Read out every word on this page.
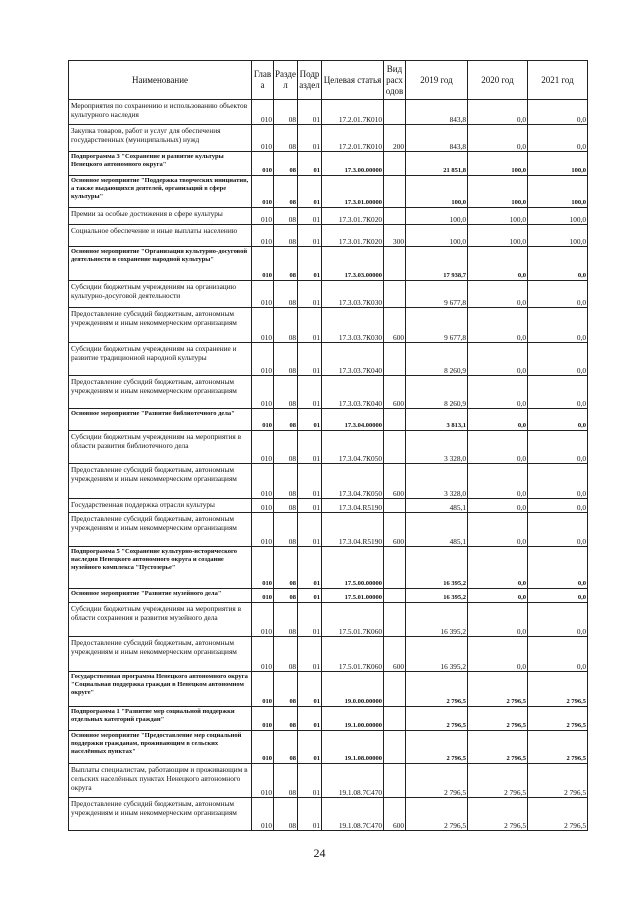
Наименование	Глав а	Разде л	Подр аздел	Целевая статья	Вид расх одов	2019 год	2020 год	2021 год
Мероприятия по сохранению и использованию объектов культурного наследия	010	08	01	17.2.01.7К010		843,8	0,0	0,0
Закупка товаров, работ и услуг для обеспечения государственных (муниципальных) нужд	010	08	01	17.2.01.7К010	200	843,8	0,0	0,0
Подпрограмма 3 "Сохранение и развитие культуры Ненецкого автономного округа"	010	08	01	17.3.00.00000		21 851,8	100,0	100,0
Основное мероприятие "Поддержка творческих инициатив, а также выдающихся деятелей, организаций в сфере культуры"	010	08	01	17.3.01.00000		100,0	100,0	100,0
Премии за особые достижения в сфере культуры	010	08	01	17.3.01.7К020		100,0	100,0	100,0
Социальное обеспечение и иные выплаты населению	010	08	01	17.3.01.7К020	300	100,0	100,0	100,0
Основное мероприятие "Организация культурно-досуговой деятельности и сохранение народной культуры"	010	08	01	17.3.03.00000		17 938,7	0,0	0,0
Субсидии бюджетным учреждениям на организацию культурно-досуговой деятельности	010	08	01	17.3.03.7К030		9 677,8	0,0	0,0
Предоставление субсидий бюджетным, автономным учреждениям и иным некоммерческим организациям	010	08	01	17.3.03.7К030	600	9 677,8	0,0	0,0
Субсидии бюджетным учреждениям на сохранение и развитие традиционной народной культуры	010	08	01	17.3.03.7К040		8 260,9	0,0	0,0
Предоставление субсидий бюджетным, автономным учреждениям и иным некоммерческим организациям	010	08	01	17.3.03.7К040	600	8 260,9	0,0	0,0
Основное мероприятие "Развитие библиотечного дела"	010	08	01	17.3.04.00000		3 813,1	0,0	0,0
Субсидии бюджетным учреждениям на мероприятия в области развития библиотечного дела	010	08	01	17.3.04.7К050		3 328,0	0,0	0,0
Предоставление субсидий бюджетным, автономным учреждениям и иным некоммерческим организациям	010	08	01	17.3.04.7К050	600	3 328,0	0,0	0,0
Государственная поддержка отрасли культуры	010	08	01	17.3.04.R5190		485,1	0,0	0,0
Предоставление субсидий бюджетным, автономным учреждениям и иным некоммерческим организациям	010	08	01	17.3.04.R5190	600	485,1	0,0	0,0
Подпрограмма 5 "Сохранение культурно-исторического наследия Ненецкого автономного округа и создание музейного комплекса "Пустозерье"	010	08	01	17.5.00.00000		16 395,2	0,0	0,0
Основное мероприятие "Развитие музейного дела"	010	08	01	17.5.01.00000		16 395,2	0,0	0,0
Субсидии бюджетным учреждениям на мероприятия в области сохранения и развития музейного дела	010	08	01	17.5.01.7К060		16 395,2	0,0	0,0
Предоставление субсидий бюджетным, автономным учреждениям и иным некоммерческим организациям	010	08	01	17.5.01.7К060	600	16 395,2	0,0	0,0
Государственная программа Ненецкого автономного округа "Социальная поддержка граждан в Ненецком автономном округе"	010	08	01	19.0.00.00000		2 796,5	2 796,5	2 796,5
Подпрограмма 1 "Развитие мер социальной поддержки отдельных категорий граждан"	010	08	01	19.1.00.00000		2 796,5	2 796,5	2 796,5
Основное мероприятие "Предоставление мер социальной поддержки гражданам, проживающим в сельских населённых пунктах"	010	08	01	19.1.08.00000		2 796,5	2 796,5	2 796,5
Выплаты специалистам, работающим и проживающим в сельских населённых пунктах Ненецкого автономного округа	010	08	01	19.1.08.7С470		2 796,5	2 796,5	2 796,5
Предоставление субсидий бюджетным, автономным учреждениям и иным некоммерческим организациям	010	08	01	19.1.08.7С470	600	2 796,5	2 796,5	2 796,5
24
